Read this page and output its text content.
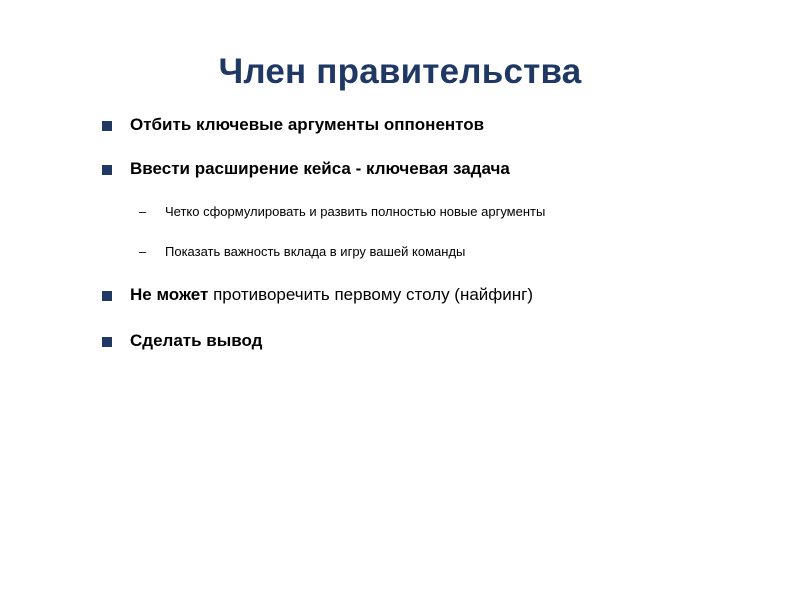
Член правительства
Отбить ключевые аргументы оппонентов
Ввести расширение кейса - ключевая задача
– Четко сформулировать и развить полностью новые аргументы
– Показать важность вклада в игру вашей команды
Не может противоречить первому столу (найфинг)
Сделать вывод
